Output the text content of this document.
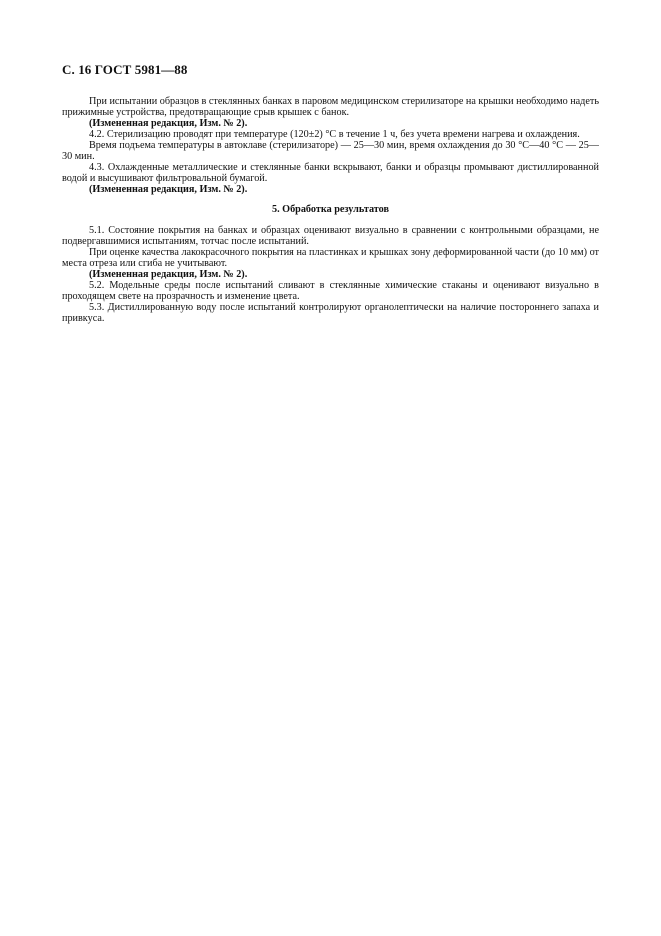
С. 16 ГОСТ 5981—88

При испытании образцов в стеклянных банках в паровом медицинском стерилизаторе на крышки необходимо надеть прижимные устройства, предотвращающие срыв крышек с банок.

(Измененная редакция, Изм. № 2).

4.2. Стерилизацию проводят при температуре (120±2) °С в течение 1 ч, без учета времени нагрева и охлаждения.

Время подъема температуры в автоклаве (стерилизаторе) — 25—30 мин, время охлаждения до 30 °С—40 °С — 25—30 мин.

4.3. Охлажденные металлические и стеклянные банки вскрывают, банки и образцы промывают дистиллированной водой и высушивают фильтровальной бумагой.

(Измененная редакция, Изм. № 2).

5. Обработка результатов

5.1. Состояние покрытия на банках и образцах оценивают визуально в сравнении с контрольными образцами, не подвергавшимися испытаниям, тотчас после испытаний.

При оценке качества лакокрасочного покрытия на пластинках и крышках зону деформированной части (до 10 мм) от места отреза или сгиба не учитывают.

(Измененная редакция, Изм. № 2).

5.2. Модельные среды после испытаний сливают в стеклянные химические стаканы и оценивают визуально в проходящем свете на прозрачность и изменение цвета.

5.3. Дистиллированную воду после испытаний контролируют органолептически на наличие постороннего запаха и привкуса.
